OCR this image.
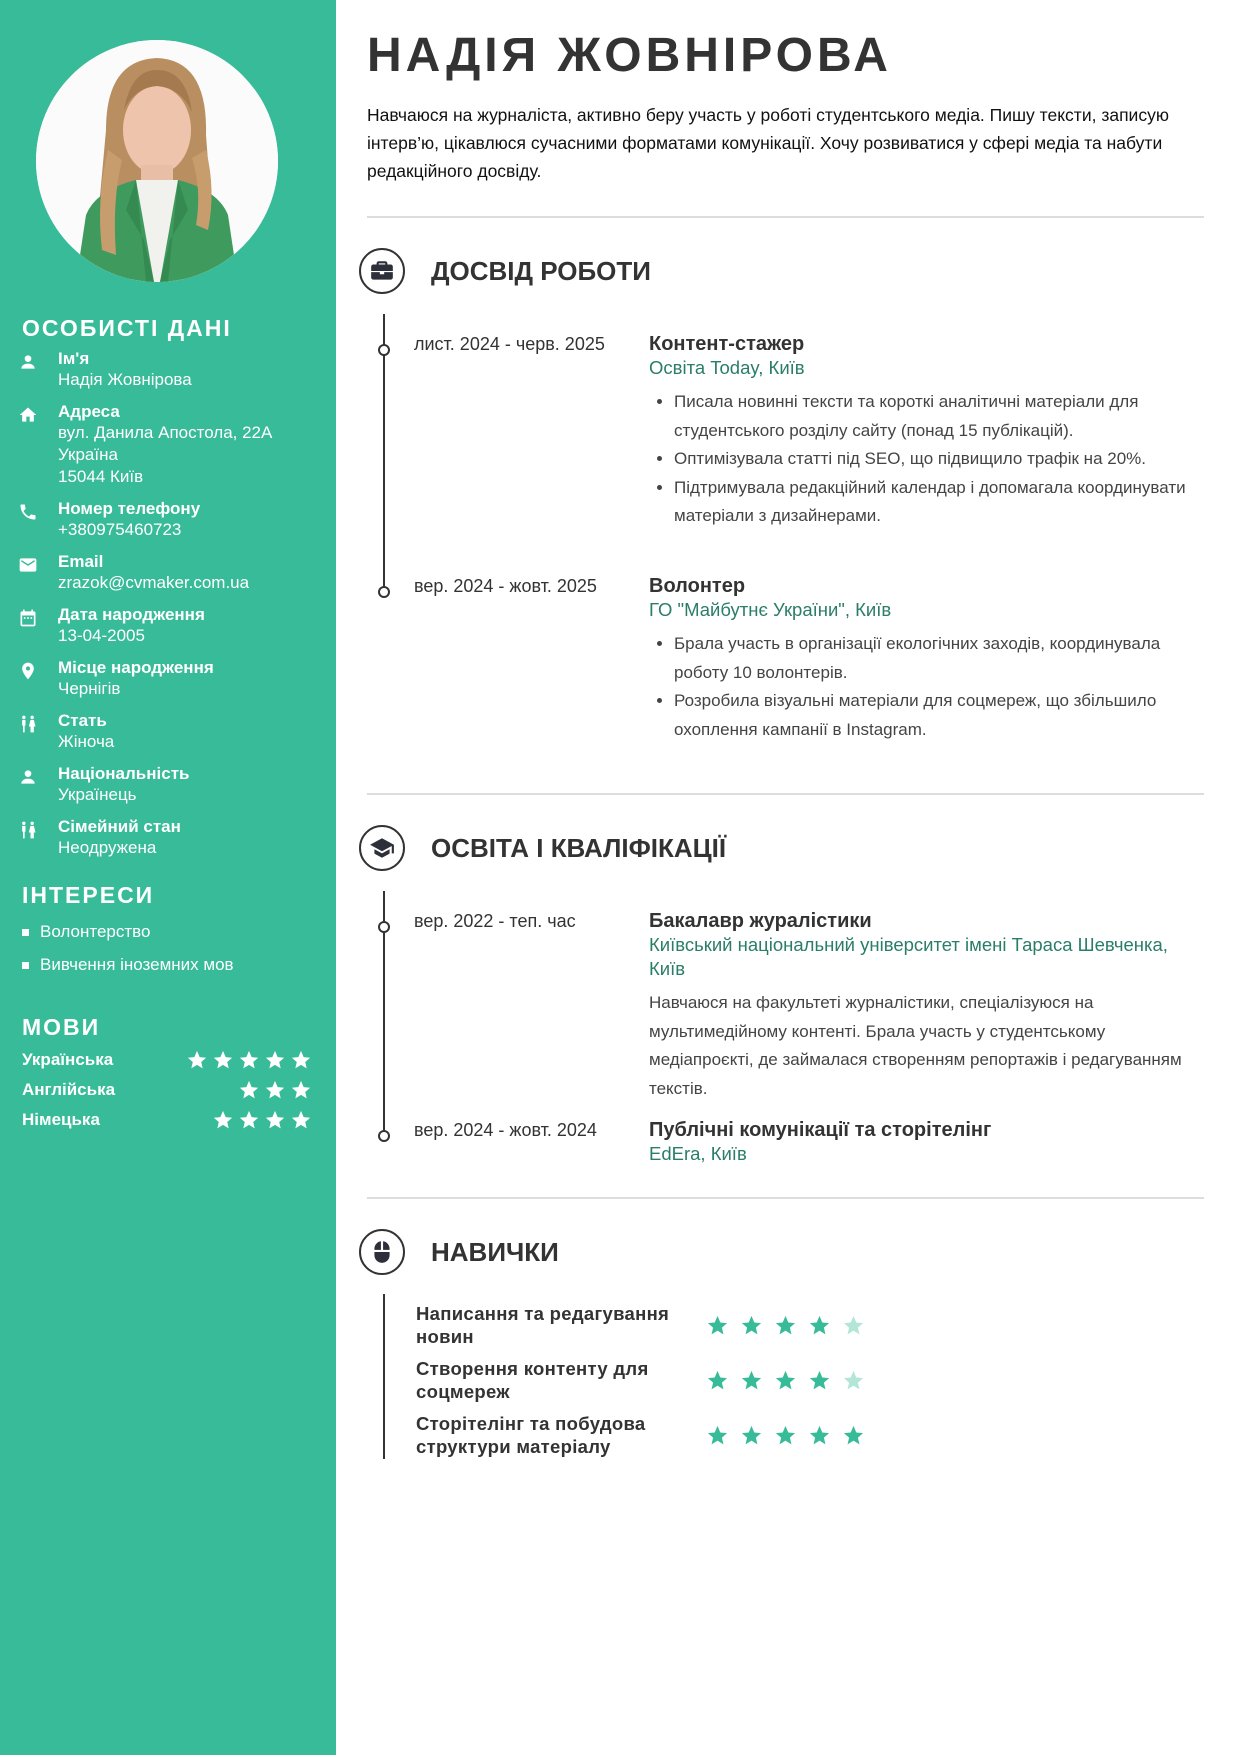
ОСОБИСТІ ДАНІ
Ім'я
Надія Жовнірова
Адреса
вул. Данила Апостола, 22А
Україна
15044 Київ
Номер телефону
+380975460723
Email
zrazok@cvmaker.com.ua
Дата народження
13-04-2005
Місце народження
Чернігів
Стать
Жіноча
Національність
Українець
Сімейний стан
Неодружена
ІНТЕРЕСИ
Волонтерство
Вивчення іноземних мов
МОВИ
Українська
Англійська
Німецька
НАДІЯ ЖОВНІРОВА
Навчаюся на журналіста, активно беру участь у роботі студентського медіа. Пишу тексти, записую інтерв’ю, цікавлюся сучасними форматами комунікації. Хочу розвиватися у сфері медіа та набути редакційного досвіду.
ДОСВІД РОБОТИ
лист. 2024 - черв. 2025 Контент-стажер
Освіта Today, Київ
• Писала новинні тексти та короткі аналітичні матеріали для студентського розділу сайту (понад 15 публікацій).
• Оптимізувала статті під SEO, що підвищило трафік на 20%.
• Підтримувала редакційний календар і допомагала координувати матеріали з дизайнерами.
вер. 2024 - жовт. 2025	Волонтер
ГО "Майбутнє України", Київ
• Брала участь в організації екологічних заходів, координувала роботу 10 волонтерів.
• Розробила візуальні матеріали для соцмереж, що збільшило охоплення кампанії в Instagram.
ОСВІТА І КВАЛІФІКАЦІЇ
вер. 2022 - теп. час	Бакалавр журалістики
Київський національний університет імені Тараса Шевченка, Київ
Навчаюся на факультеті журналістики, спеціалізуюся на мультимедійному контенті. Брала участь у студентському медіапроєкті, де займалася створенням репортажів і редагуванням текстів.
вер. 2024 - жовт. 2024	Публічні комунікації та сторітелінг
EdEra, Київ
НАВИЧКИ
Написання та редагування новин
Створення контенту для соцмереж
Сторітелінг та побудова структури матеріалу
